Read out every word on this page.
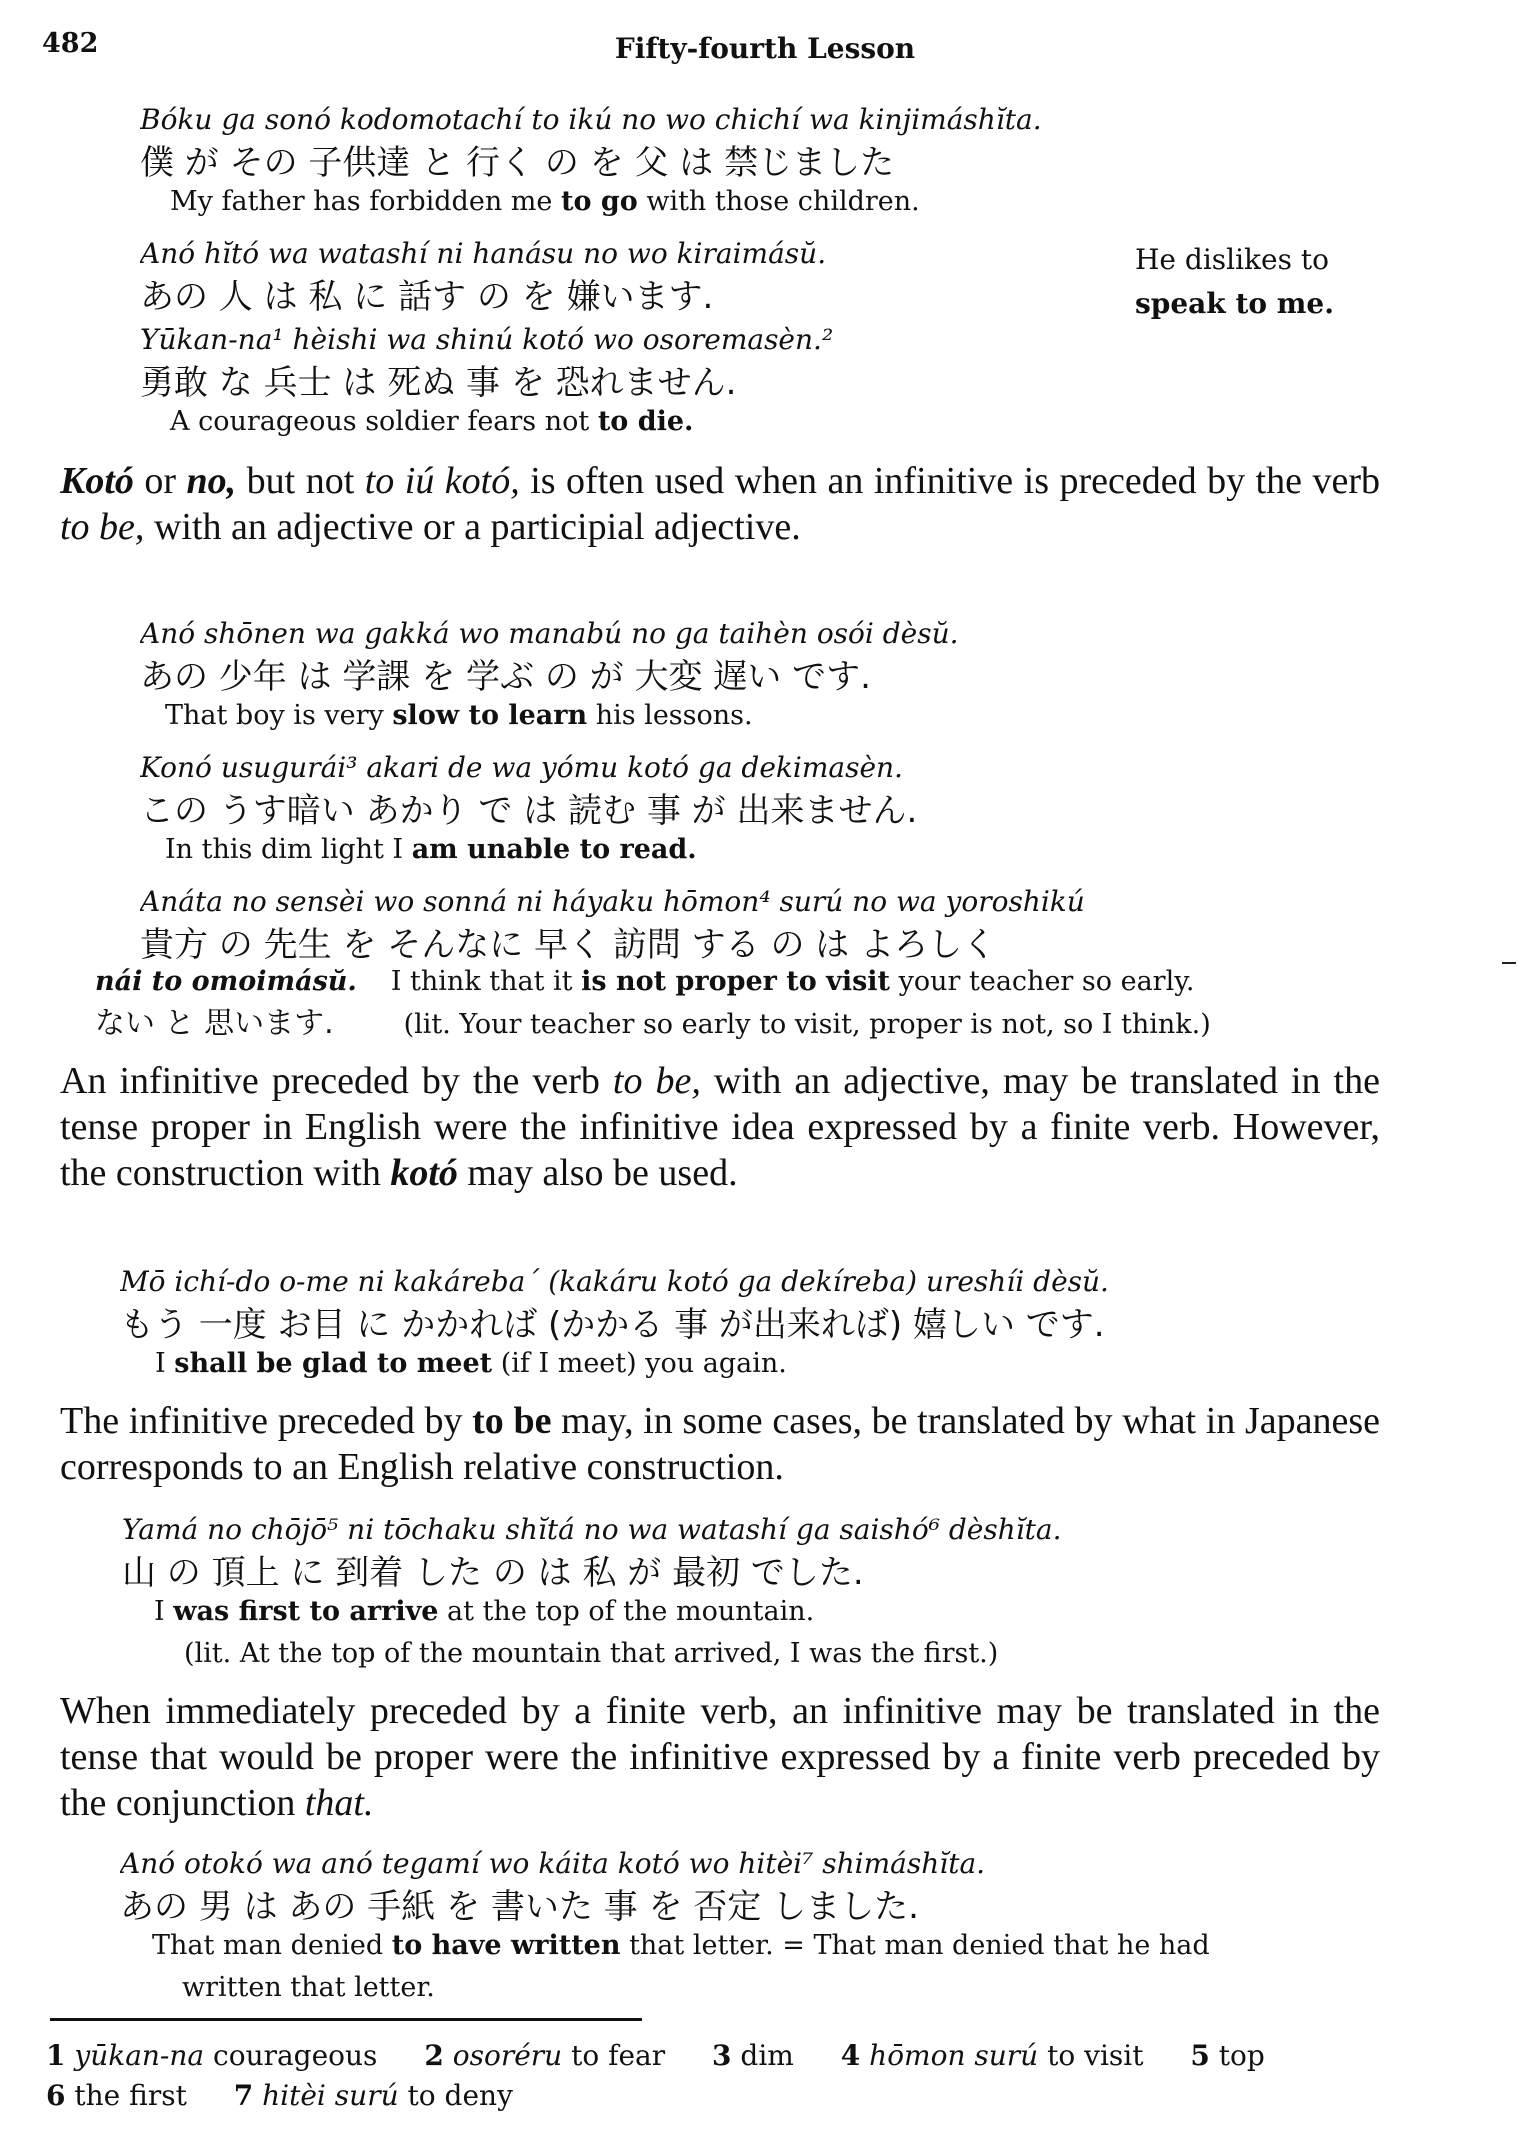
482	Fifty-fourth Lesson
Bóku ga sonó kodomotachí to ikú no wo chichí wa kinjimáshĭta.
僕 が その 子供達 と 行く の を 父 は 禁じました
My father has forbidden me to go with those children.
Anó hĭtó wa watashí ni hanásu no wo kiraimásŭ.
あの 人 は 私 に 話す の を 嫌います.
He dislikes to
speak to me.
Yūkan-na¹ hèishi wa shinú kotó wo osoremasèn.²
勇敢 な 兵士 は 死ぬ 事 を 恐れません.
A courageous soldier fears not to die.
Kotó or no, but not to iú kotó, is often used when an infinitive is preceded by the verb to be, with an adjective or a participial adjective.
Anó shōnen wa gakká wo manabú no ga taihèn osói dèsŭ.
あの 少年 は 学課 を 学ぶ の が 大変 遅い です.
That boy is very slow to learn his lessons.
Konó usugurái³ akari de wa yómu kotó ga dekimasèn.
この うす暗い あかり で は 読む 事 が 出来ません.
In this dim light I am unable to read.
Anáta no sensèi wo sonná ni háyaku hōmon⁴ surú no wa yoroshikú
貴方 の 先生 を そんなに 早く 訪問 する の は よろしく
nái to omoimásŭ. I think that it is not proper to visit your teacher so early.
ない と 思います.	(lit. Your teacher so early to visit, proper is not, so I think.)
An infinitive preceded by the verb to be, with an adjective, may be translated in the tense proper in English were the infinitive idea expressed by a finite verb. However, the construction with kotó may also be used.
Mō ichí-do o-me ni kakáreba´ (kakáru kotó ga dekíreba) ureshíi dèsŭ.
もう 一度 お目 に かかれば (かかる 事 が出来れば) 嬉しい です.
I shall be glad to meet (if I meet) you again.
The infinitive preceded by to be may, in some cases, be translated by what in Japanese corresponds to an English relative construction.
Yamá no chōjō⁵ ni tōchaku shĭtá no wa watashí ga saishó⁶ dèshĭta.
山 の 頂上 に 到着 した の は 私 が 最初 でした.
I was first to arrive at the top of the mountain.
(lit. At the top of the mountain that arrived, I was the first.)
When immediately preceded by a finite verb, an infinitive may be translated in the tense that would be proper were the infinitive expressed by a finite verb preceded by the conjunction that.
Anó otokó wa anó tegamí wo káita kotó wo hitèi⁷ shimáshĭta.
あの 男 は あの 手紙 を 書いた 事 を 否定 しました.
That man denied to have written that letter. = That man denied that he had
written that letter.
1 yūkan-na courageous 2 osoréru to fear 3 dim 4 hōmon surú to visit 5 top
6 the first 7 hitèi surú to deny
